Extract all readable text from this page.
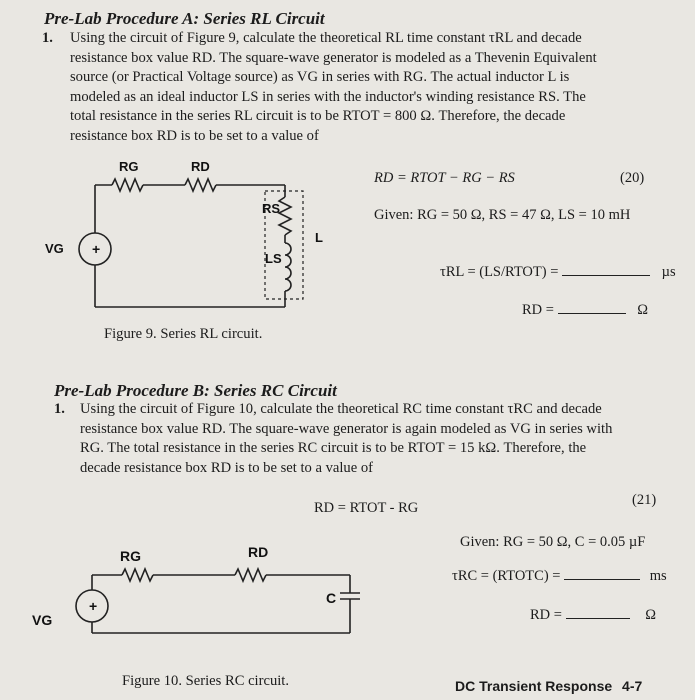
Pre-Lab Procedure A: Series RL Circuit
1. Using the circuit of Figure 9, calculate the theoretical RL time constant τRL and decade
resistance box value RD. The square-wave generator is modeled as a Thevenin Equivalent
source (or Practical Voltage source) as VG in series with RG. The actual inductor L is
modeled as an ideal inductor LS in series with the inductor's winding resistance RS. The
total resistance in the series RL circuit is to be RTOT = 800 Ω. Therefore, the decade
resistance box RD is to be set to a value of
+
RG	RD
RS
LS
L
VG
RD = RTOT − RG − RS	(20)
Given: RG = 50 Ω, RS = 47 Ω, LS = 10 mH
τRL = (LS/RTOT) =	µs
RD =	Ω
Figure 9. Series RL circuit.
Pre-Lab Procedure B: Series RC Circuit
1. Using the circuit of Figure 10, calculate the theoretical RC time constant τRC and decade
resistance box value RD. The square-wave generator is again modeled as VG in series with
RG. The total resistance in the series RC circuit is to be RTOT = 15 kΩ. Therefore, the
decade resistance box RD is to be set to a value of
RD = RTOT - RG	(21)
Given: RG = 50 Ω, C = 0.05 µF
τRC = (RTOTC) =	ms
RD =	Ω
+
RG	RD
C
VG
Figure 10. Series RC circuit.	DC Transient Response 4-7
